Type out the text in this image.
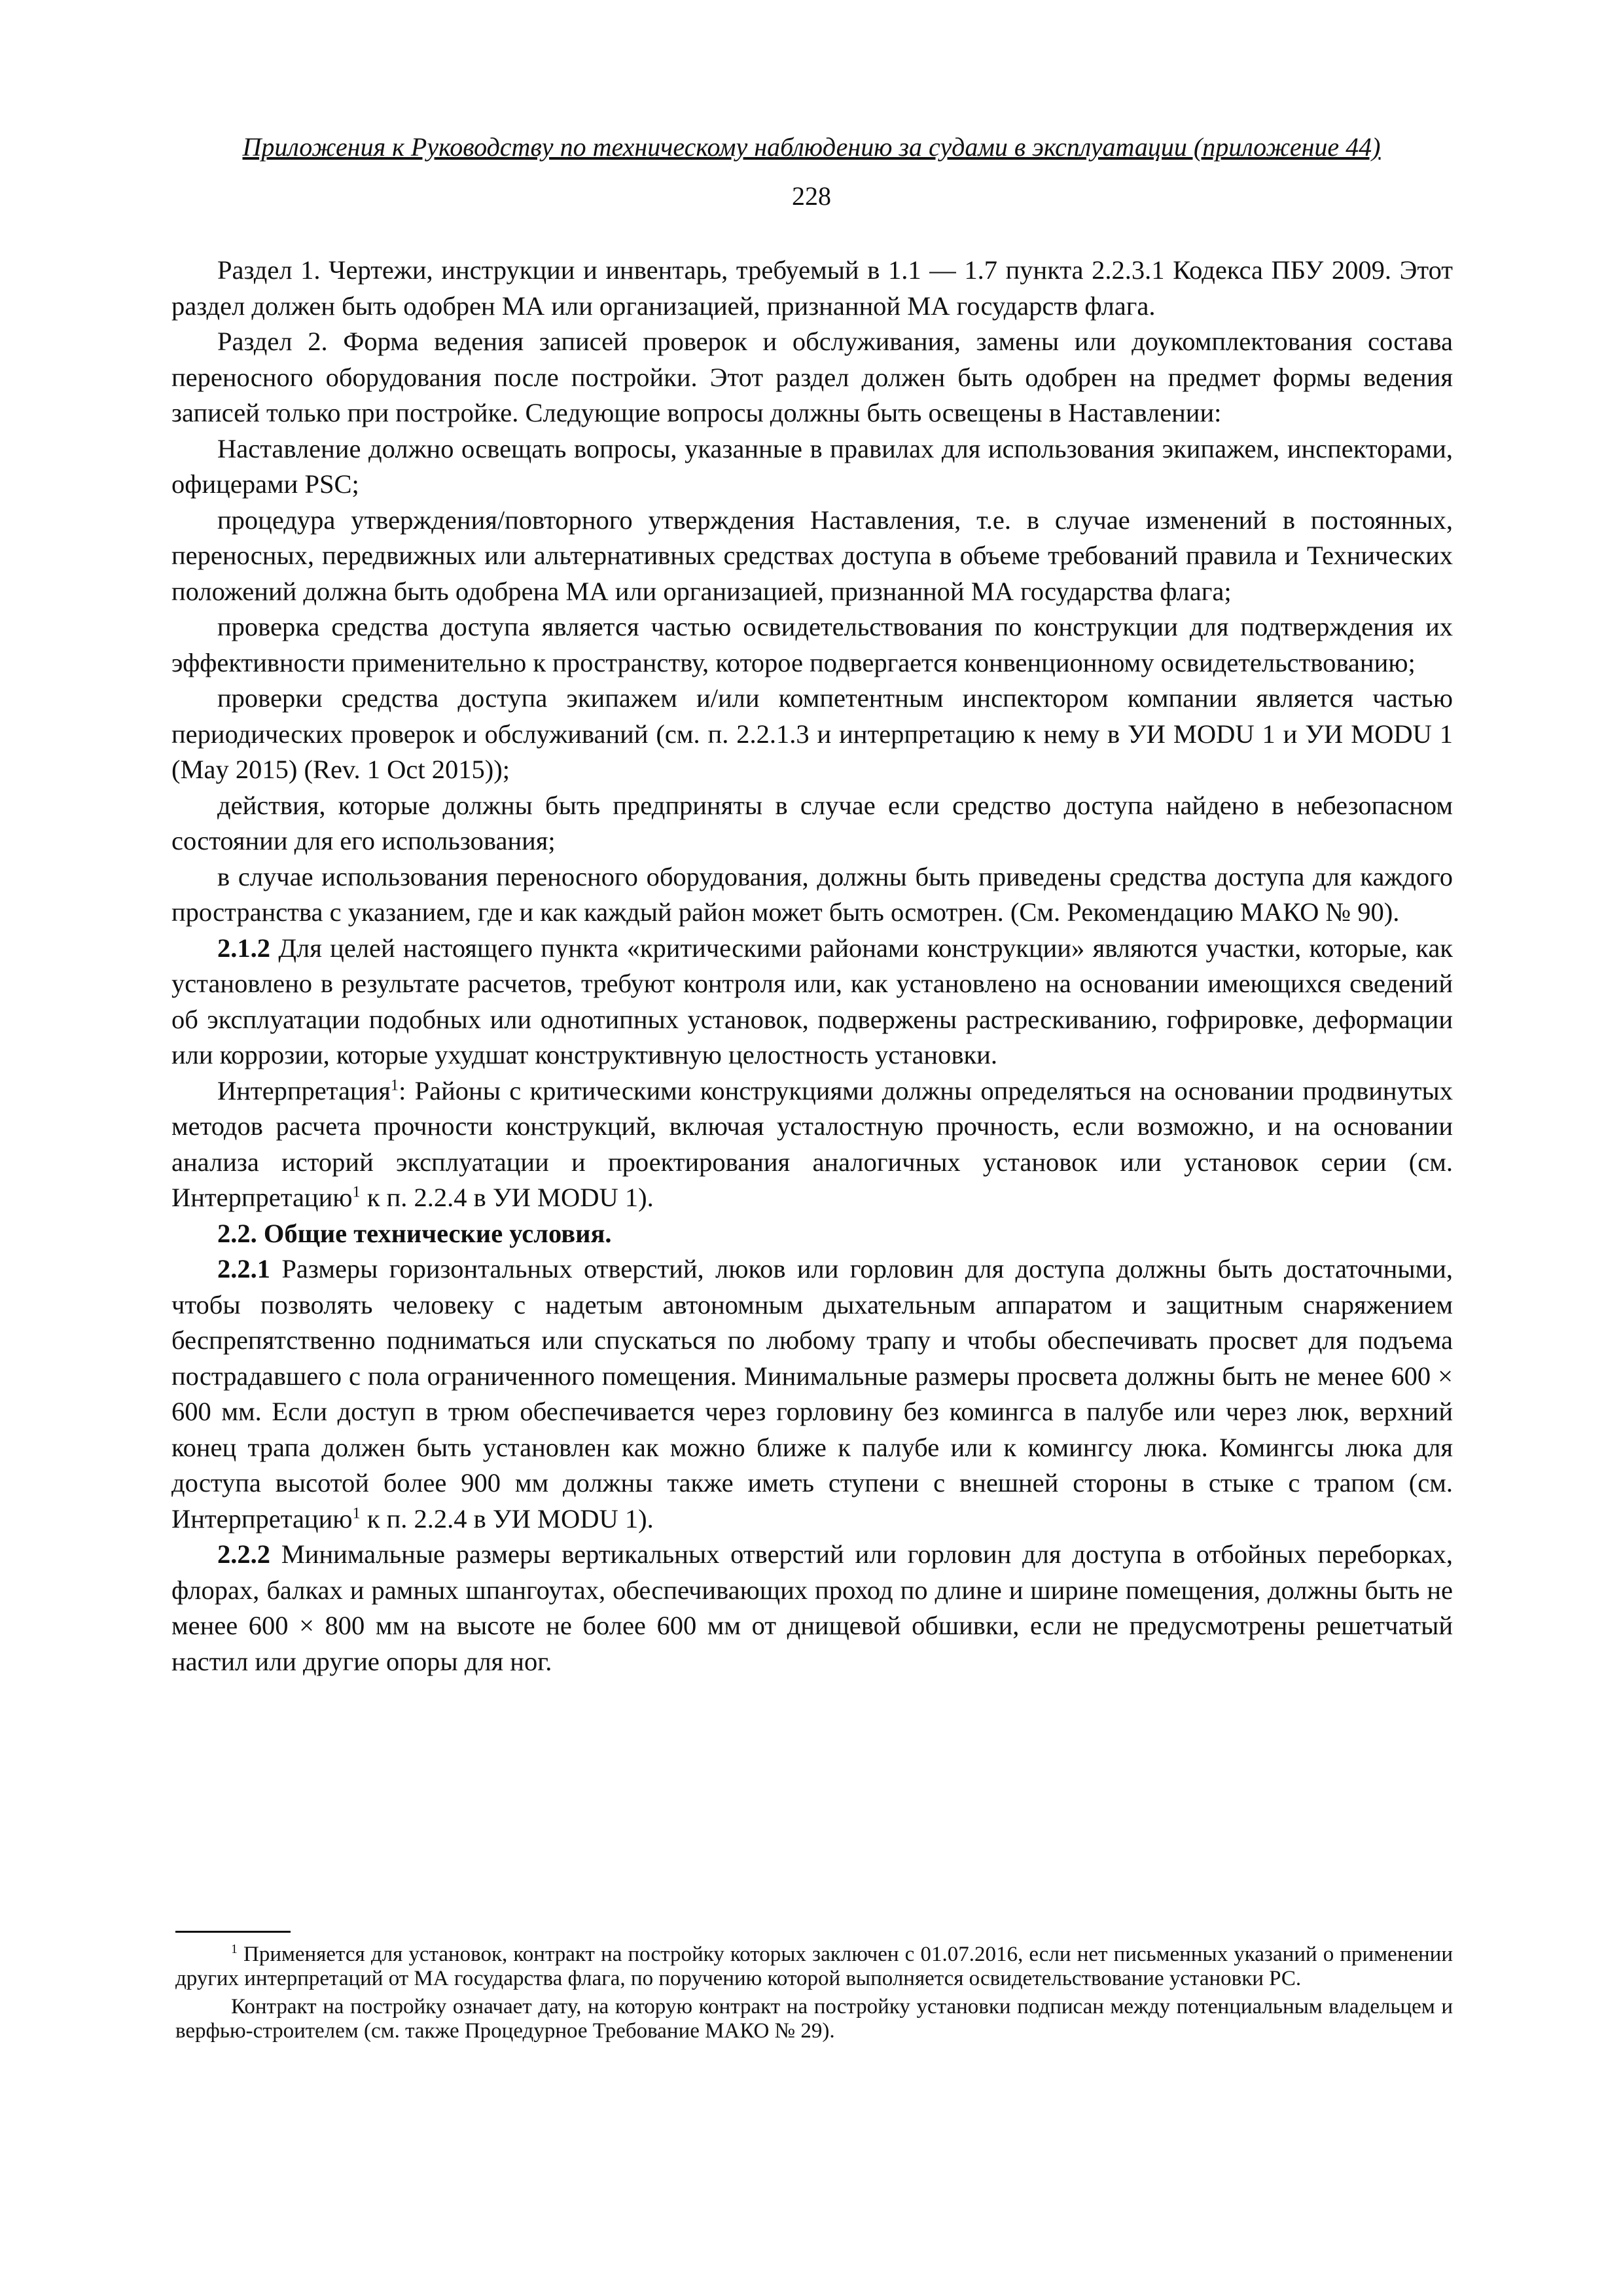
Приложения к Руководству по техническому наблюдению за судами в эксплуатации (приложение 44)
228

Раздел 1. Чертежи, инструкции и инвентарь, требуемый в 1.1 — 1.7 пункта 2.2.3.1 Кодекса ПБУ 2009. Этот раздел должен быть одобрен МА или организацией, признанной МА государств флага.

Раздел 2. Форма ведения записей проверок и обслуживания, замены или доукомплектования состава переносного оборудования после постройки. Этот раздел должен быть одобрен на предмет формы ведения записей только при постройке. Следующие вопросы должны быть освещены в Наставлении:

Наставление должно освещать вопросы, указанные в правилах для использования экипажем, инспекторами, офицерами PSC;

процедура утверждения/повторного утверждения Наставления, т.е. в случае изменений в постоянных, переносных, передвижных или альтернативных средствах доступа в объеме требований правила и Технических положений должна быть одобрена МА или организацией, признанной МА государства флага;

проверка средства доступа является частью освидетельствования по конструкции для подтверждения их эффективности применительно к пространству, которое подвергается конвенционному освидетельствованию;

проверки средства доступа экипажем и/или компетентным инспектором компании является частью периодических проверок и обслуживаний (см. п. 2.2.1.3 и интерпретацию к нему в УИ MODU 1 и УИ MODU 1 (May 2015) (Rev. 1 Oct 2015));

действия, которые должны быть предприняты в случае если средство доступа найдено в небезопасном состоянии для его использования;

в случае использования переносного оборудования, должны быть приведены средства доступа для каждого пространства с указанием, где и как каждый район может быть осмотрен. (См. Рекомендацию МАКО № 90).

2.1.2 Для целей настоящего пункта «критическими районами конструкции» являются участки, которые, как установлено в результате расчетов, требуют контроля или, как установлено на основании имеющихся сведений об эксплуатации подобных или однотипных установок, подвержены растрескиванию, гофрировке, деформации или коррозии, которые ухудшат конструктивную целостность установки.

Интерпретация$^1$: Районы с критическими конструкциями должны определяться на основании продвинутых методов расчета прочности конструкций, включая усталостную прочность, если возможно, и на основании анализа историй эксплуатации и проектирования аналогичных установок или установок серии (см. Интерпретацию$^1$ к п. 2.2.4 в УИ MODU 1).

2.2. Общие технические условия.

2.2.1 Размеры горизонтальных отверстий, люков или горловин для доступа должны быть достаточными, чтобы позволять человеку с надетым автономным дыхательным аппаратом и защитным снаряжением беспрепятственно подниматься или спускаться по любому трапу и чтобы обеспечивать просвет для подъема пострадавшего с пола ограниченного помещения. Минимальные размеры просвета должны быть не менее 600 × 600 мм. Если доступ в трюм обеспечивается через горловину без комингса в палубе или через люк, верхний конец трапа должен быть установлен как можно ближе к палубе или к комингсу люка. Комингсы люка для доступа высотой более 900 мм должны также иметь ступени с внешней стороны в стыке с трапом (см. Интерпретацию$^1$ к п. 2.2.4 в УИ MODU 1).

2.2.2 Минимальные размеры вертикальных отверстий или горловин для доступа в отбойных переборках, флорах, балках и рамных шпангоутах, обеспечивающих проход по длине и ширине помещения, должны быть не менее 600 × 800 мм на высоте не более 600 мм от днищевой обшивки, если не предусмотрены решетчатый настил или другие опоры для ног.

$^1$ Применяется для установок, контракт на постройку которых заключен с 01.07.2016, если нет письменных указаний о применении других интерпретаций от МА государства флага, по поручению которой выполняется освидетельствование установки РС.

Контракт на постройку означает дату, на которую контракт на постройку установки подписан между потенциальным владельцем и верфью-строителем (см. также Процедурное Требование МАКО № 29).
